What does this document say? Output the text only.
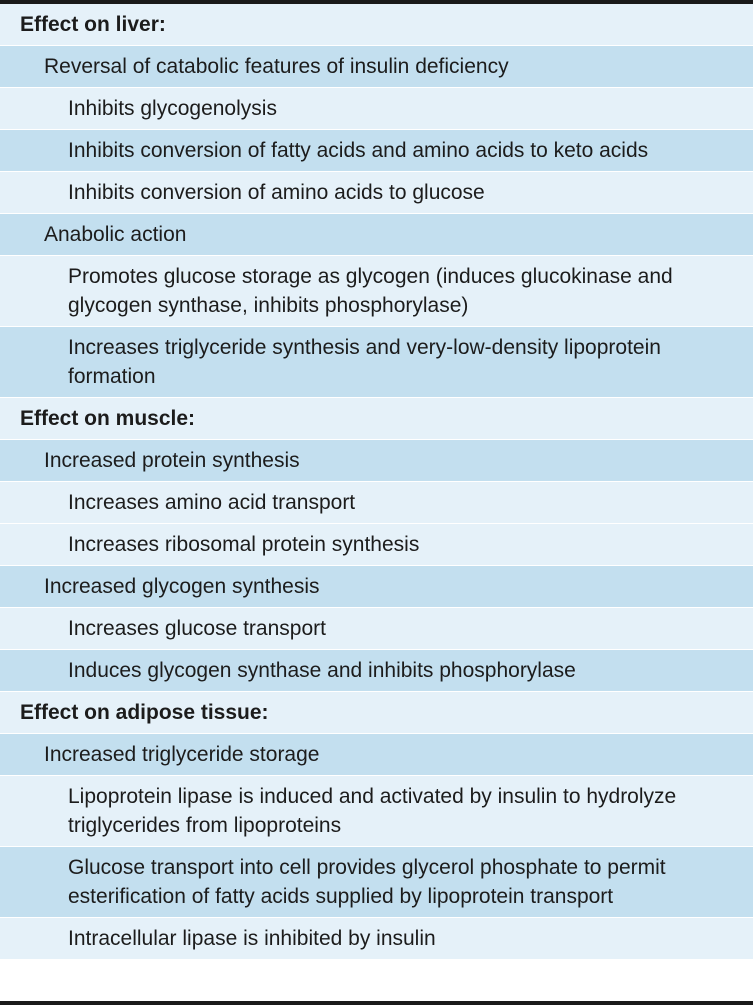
Effect on liver:
Reversal of catabolic features of insulin deficiency
Inhibits glycogenolysis
Inhibits conversion of fatty acids and amino acids to keto acids
Inhibits conversion of amino acids to glucose
Anabolic action
Promotes glucose storage as glycogen (induces glucokinase and glycogen synthase, inhibits phosphorylase)
Increases triglyceride synthesis and very-low-density lipoprotein formation
Effect on muscle:
Increased protein synthesis
Increases amino acid transport
Increases ribosomal protein synthesis
Increased glycogen synthesis
Increases glucose transport
Induces glycogen synthase and inhibits phosphorylase
Effect on adipose tissue:
Increased triglyceride storage
Lipoprotein lipase is induced and activated by insulin to hydrolyze triglycerides from lipoproteins
Glucose transport into cell provides glycerol phosphate to permit esterification of fatty acids supplied by lipoprotein transport
Intracellular lipase is inhibited by insulin
